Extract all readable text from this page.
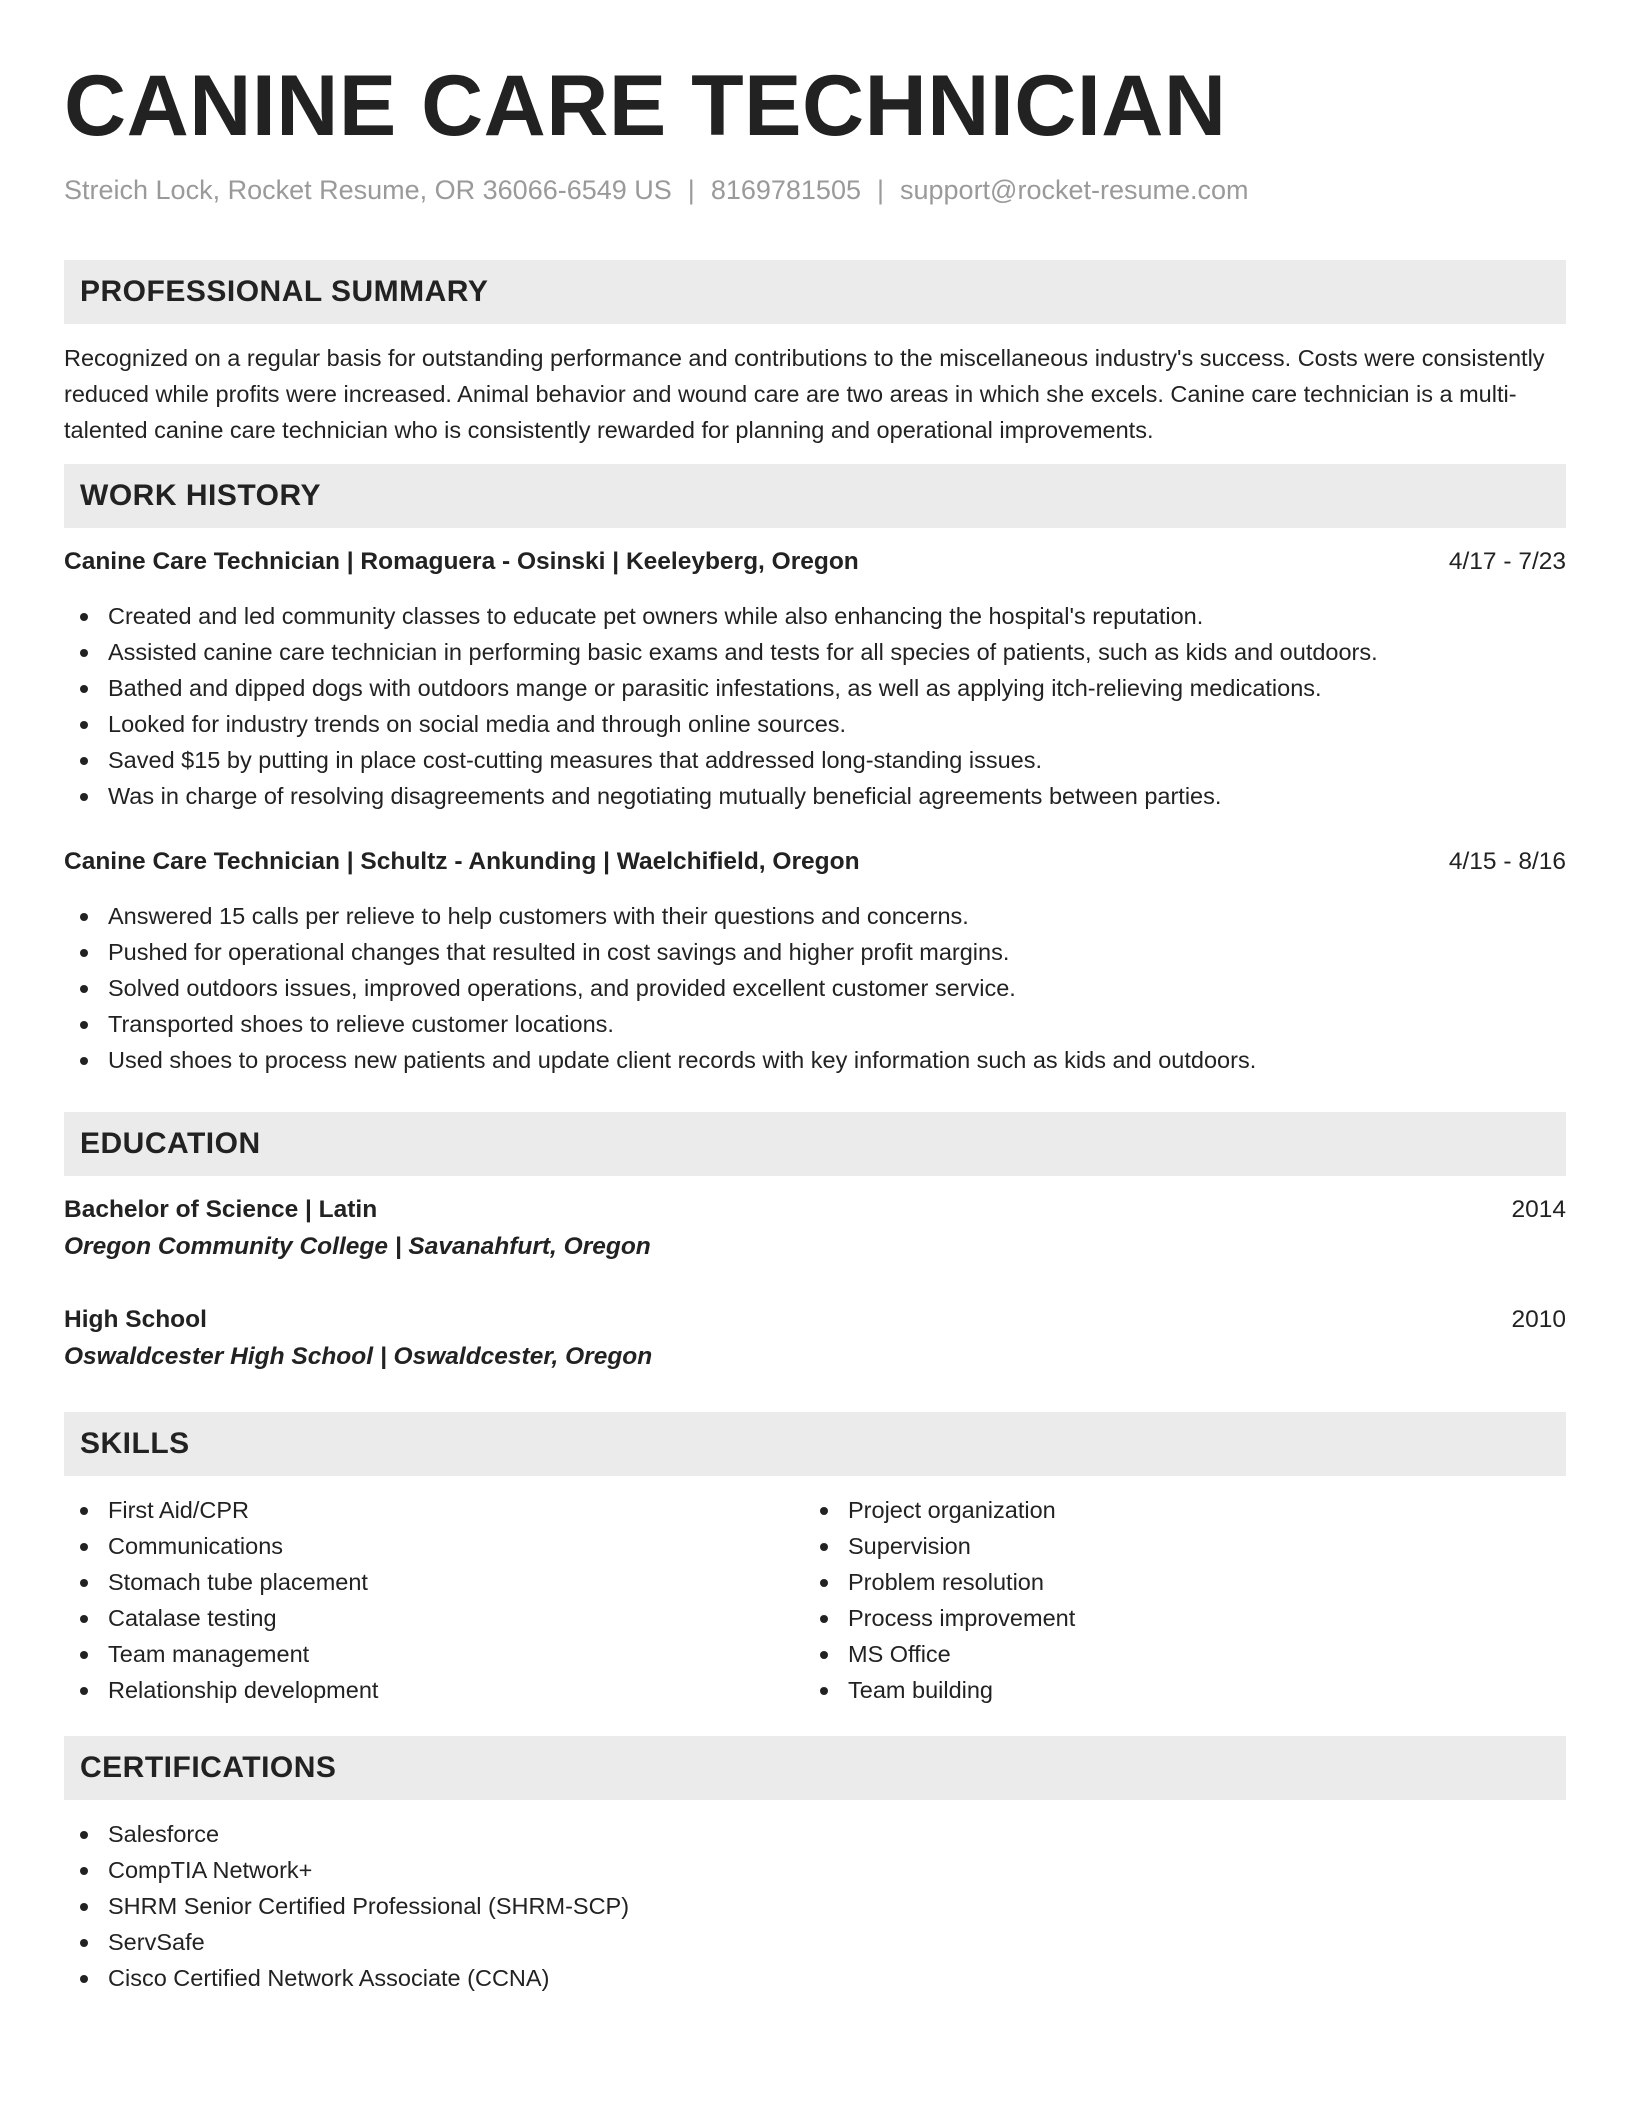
CANINE CARE TECHNICIAN
Streich Lock, Rocket Resume, OR 36066-6549 US | 8169781505 | support@rocket-resume.com
PROFESSIONAL SUMMARY
Recognized on a regular basis for outstanding performance and contributions to the miscellaneous industry's success. Costs were consistently reduced while profits were increased. Animal behavior and wound care are two areas in which she excels. Canine care technician is a multi-talented canine care technician who is consistently rewarded for planning and operational improvements.
WORK HISTORY
Canine Care Technician | Romaguera - Osinski | Keeleyberg, Oregon	4/17 - 7/23
Created and led community classes to educate pet owners while also enhancing the hospital's reputation.
Assisted canine care technician in performing basic exams and tests for all species of patients, such as kids and outdoors.
Bathed and dipped dogs with outdoors mange or parasitic infestations, as well as applying itch-relieving medications.
Looked for industry trends on social media and through online sources.
Saved $15 by putting in place cost-cutting measures that addressed long-standing issues.
Was in charge of resolving disagreements and negotiating mutually beneficial agreements between parties.
Canine Care Technician | Schultz - Ankunding | Waelchifield, Oregon	4/15 - 8/16
Answered 15 calls per relieve to help customers with their questions and concerns.
Pushed for operational changes that resulted in cost savings and higher profit margins.
Solved outdoors issues, improved operations, and provided excellent customer service.
Transported shoes to relieve customer locations.
Used shoes to process new patients and update client records with key information such as kids and outdoors.
EDUCATION
Bachelor of Science | Latin	2014
Oregon Community College | Savanahfurt, Oregon
High School	2010
Oswaldcester High School | Oswaldcester, Oregon
SKILLS
First Aid/CPR
Communications
Stomach tube placement
Catalase testing
Team management
Relationship development
Project organization
Supervision
Problem resolution
Process improvement
MS Office
Team building
CERTIFICATIONS
Salesforce
CompTIA Network+
SHRM Senior Certified Professional (SHRM-SCP)
ServSafe
Cisco Certified Network Associate (CCNA)
